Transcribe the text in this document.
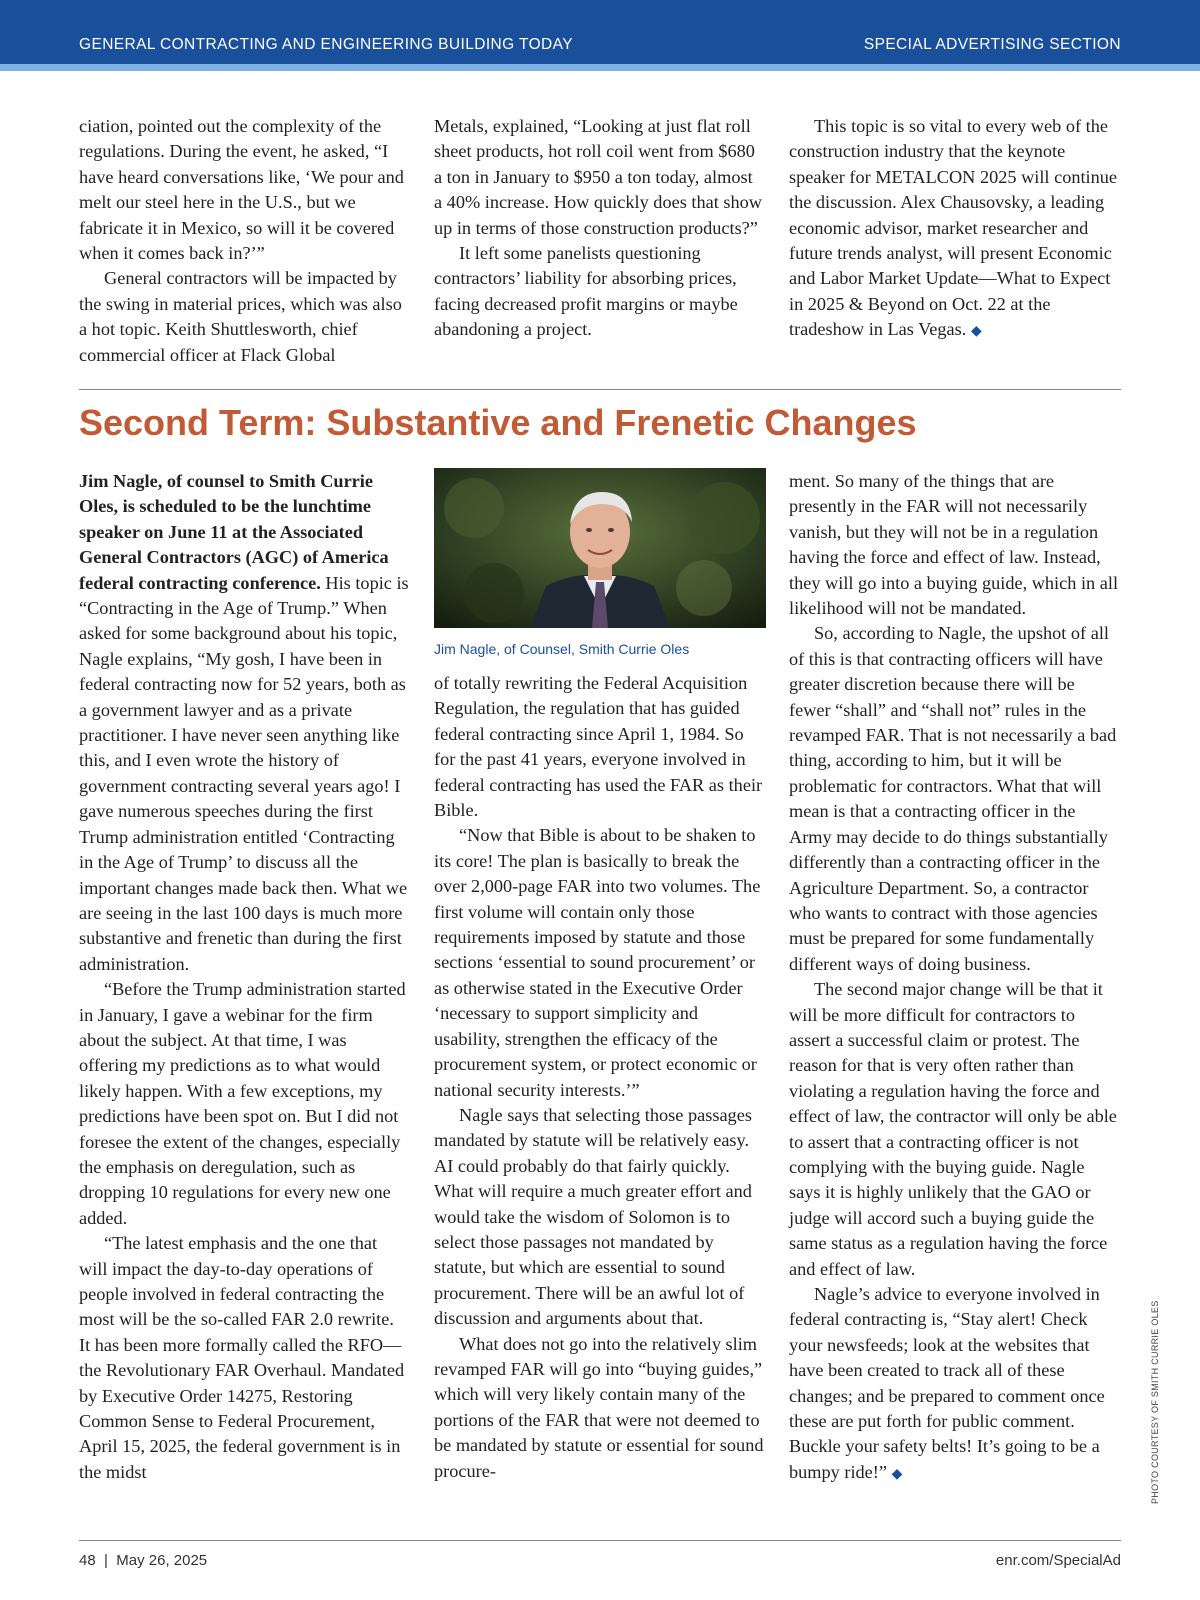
GENERAL CONTRACTING AND ENGINEERING BUILDING TODAY	SPECIAL ADVERTISING SECTION

ciation, pointed out the complexity of the regulations. During the event, he asked, “I have heard conversations like, ‘We pour and melt our steel here in the U.S., but we fabricate it in Mexico, so will it be covered when it comes back in?’”

General contractors will be impacted by the swing in material prices, which was also a hot topic. Keith Shuttlesworth, chief commercial officer at Flack Global

Metals, explained, “Looking at just flat roll sheet products, hot roll coil went from $680 a ton in January to $950 a ton today, almost a 40% increase. How quickly does that show up in terms of those construction products?”

It left some panelists questioning contractors’ liability for absorbing prices, facing decreased profit margins or maybe abandoning a project.

This topic is so vital to every web of the construction industry that the keynote speaker for METALCON 2025 will continue the discussion. Alex Chausovsky, a leading economic advisor, market researcher and future trends analyst, will present Economic and Labor Market Update—What to Expect in 2025 & Beyond on Oct. 22 at the tradeshow in Las Vegas. ◆

Second Term: Substantive and Frenetic Changes

Jim Nagle, of counsel to Smith Currie Oles, is scheduled to be the lunchtime speaker on June 11 at the Associated General Contractors (AGC) of America federal contracting conference. His topic is “Contracting in the Age of Trump.” When asked for some background about his topic, Nagle explains, “My gosh, I have been in federal contracting now for 52 years, both as a government lawyer and as a private practitioner. I have never seen anything like this, and I even wrote the history of government contracting several years ago! I gave numerous speeches during the first Trump administration entitled ‘Contracting in the Age of Trump’ to discuss all the important changes made back then. What we are seeing in the last 100 days is much more substantive and frenetic than during the first administration.

“Before the Trump administration started in January, I gave a webinar for the firm about the subject. At that time, I was offering my predictions as to what would likely happen. With a few exceptions, my predictions have been spot on. But I did not foresee the extent of the changes, especially the emphasis on deregulation, such as dropping 10 regulations for every new one added.

“The latest emphasis and the one that will impact the day-to-day operations of people involved in federal contracting the most will be the so-called FAR 2.0 rewrite. It has been more formally called the RFO—the Revolutionary FAR Overhaul. Mandated by Executive Order 14275, Restoring Common Sense to Federal Procurement, April 15, 2025, the federal government is in the midst

Jim Nagle, of Counsel, Smith Currie Oles

of totally rewriting the Federal Acquisition Regulation, the regulation that has guided federal contracting since April 1, 1984. So for the past 41 years, everyone involved in federal contracting has used the FAR as their Bible.

“Now that Bible is about to be shaken to its core! The plan is basically to break the over 2,000-page FAR into two volumes. The first volume will contain only those requirements imposed by statute and those sections ‘essential to sound procurement’ or as otherwise stated in the Executive Order ‘necessary to support simplicity and usability, strengthen the efficacy of the procurement system, or protect economic or national security interests.’”

Nagle says that selecting those passages mandated by statute will be relatively easy. AI could probably do that fairly quickly. What will require a much greater effort and would take the wisdom of Solomon is to select those passages not mandated by statute, but which are essential to sound procurement. There will be an awful lot of discussion and arguments about that.

What does not go into the relatively slim revamped FAR will go into “buying guides,” which will very likely contain many of the portions of the FAR that were not deemed to be mandated by statute or essential for sound procure-

ment. So many of the things that are presently in the FAR will not necessarily vanish, but they will not be in a regulation having the force and effect of law. Instead, they will go into a buying guide, which in all likelihood will not be mandated.

So, according to Nagle, the upshot of all of this is that contracting officers will have greater discretion because there will be fewer “shall” and “shall not” rules in the revamped FAR. That is not necessarily a bad thing, according to him, but it will be problematic for contractors. What that will mean is that a contracting officer in the Army may decide to do things substantially differently than a contracting officer in the Agriculture Department. So, a contractor who wants to contract with those agencies must be prepared for some fundamentally different ways of doing business.

The second major change will be that it will be more difficult for contractors to assert a successful claim or protest. The reason for that is very often rather than violating a regulation having the force and effect of law, the contractor will only be able to assert that a contracting officer is not complying with the buying guide. Nagle says it is highly unlikely that the GAO or judge will accord such a buying guide the same status as a regulation having the force and effect of law.

Nagle’s advice to everyone involved in federal contracting is, “Stay alert! Check your newsfeeds; look at the websites that have been created to track all of these changes; and be prepared to comment once these are put forth for public comment. Buckle your safety belts! It’s going to be a bumpy ride!” ◆	PHOTO COURTESY OF SMITH CURRIE OLES
48  |  May 26, 2025	enr.com/SpecialAd
